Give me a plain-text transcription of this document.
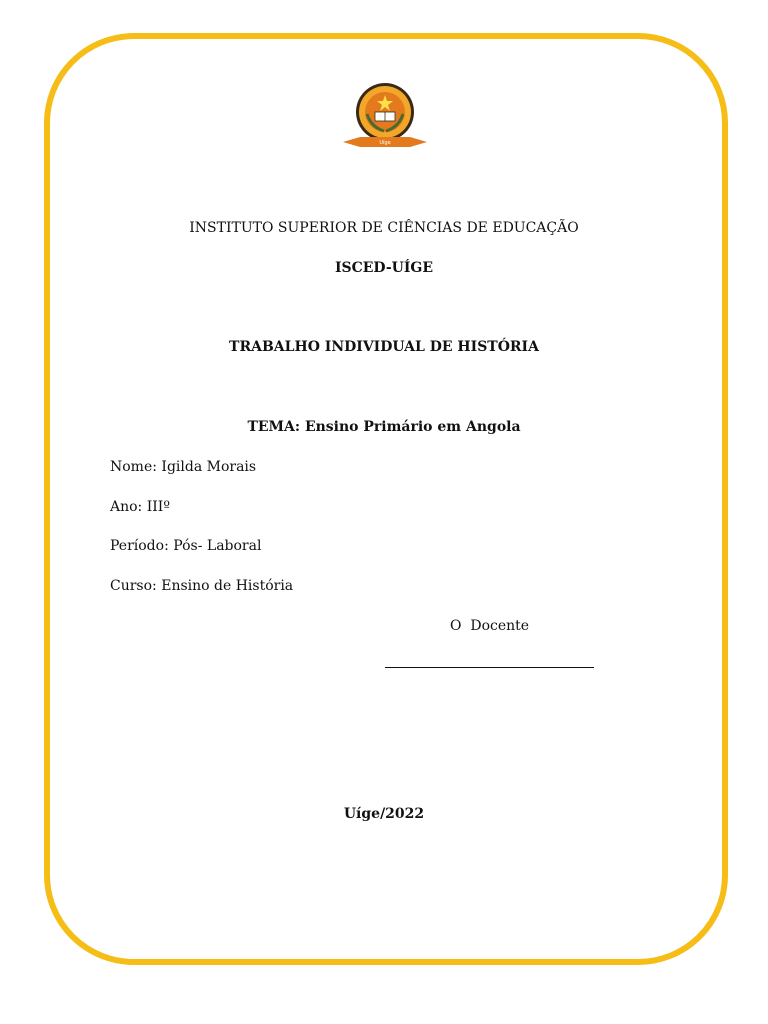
Uíge
INSTITUTO SUPERIOR DE CIÊNCIAS DE EDUCAÇÃO
ISCED-UÍGE
TRABALHO INDIVIDUAL DE HISTÓRIA
TEMA: Ensino Primário em Angola
Nome: Igilda Morais
Ano: IIIº
Período: Pós- Laboral
Curso: Ensino de História
O  Docente
Uíge/2022
